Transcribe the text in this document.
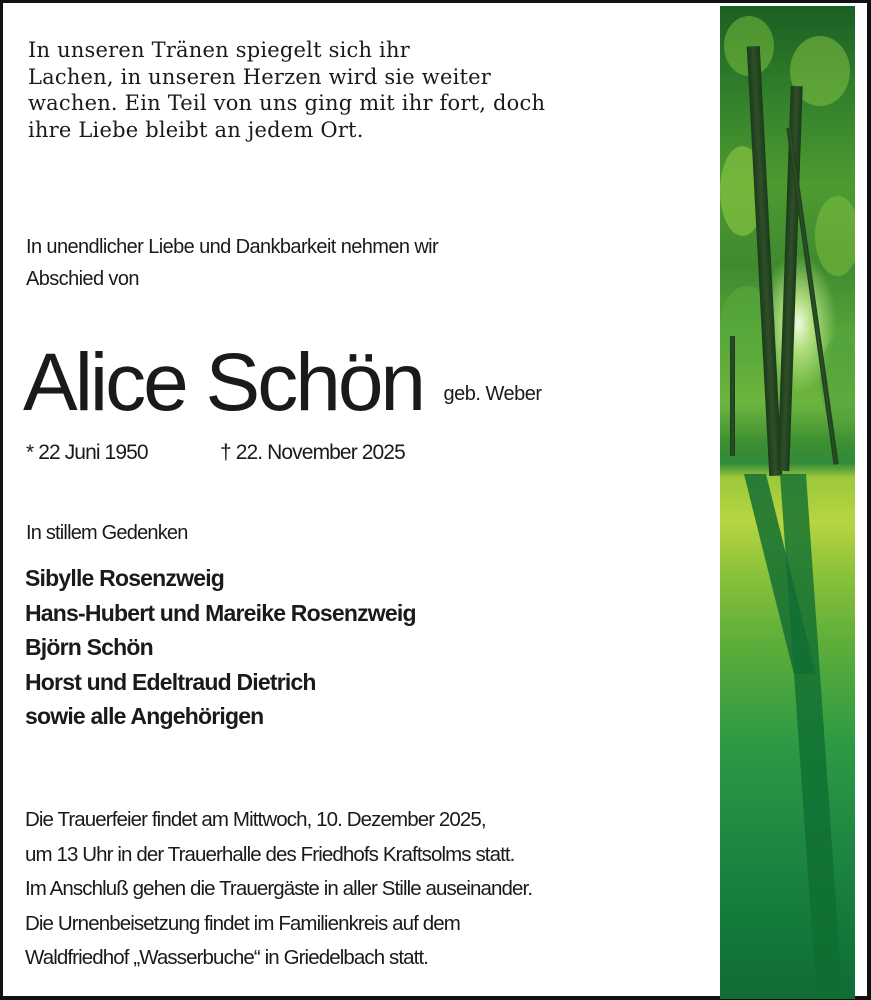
In unseren Tränen spiegelt sich ihr
Lachen, in unseren Herzen wird sie weiter
wachen. Ein Teil von uns ging mit ihr fort, doch
ihre Liebe bleibt an jedem Ort.
In unendlicher Liebe und Dankbarkeit nehmen wir
Abschied von
Alice Schön geb. Weber
* 22 Juni 1950	† 22. November 2025
In stillem Gedenken
Sibylle Rosenzweig
Hans-Hubert und Mareike Rosenzweig
Björn Schön
Horst und Edeltraud Dietrich
sowie alle Angehörigen
Die Trauerfeier findet am Mittwoch, 10. Dezember 2025,
um 13 Uhr in der Trauerhalle des Friedhofs Kraftsolms statt.
Im Anschluß gehen die Trauergäste in aller Stille auseinander.
Die Urnenbeisetzung findet im Familienkreis auf dem
Waldfriedhof „Wasserbuche“ in Griedelbach statt.
